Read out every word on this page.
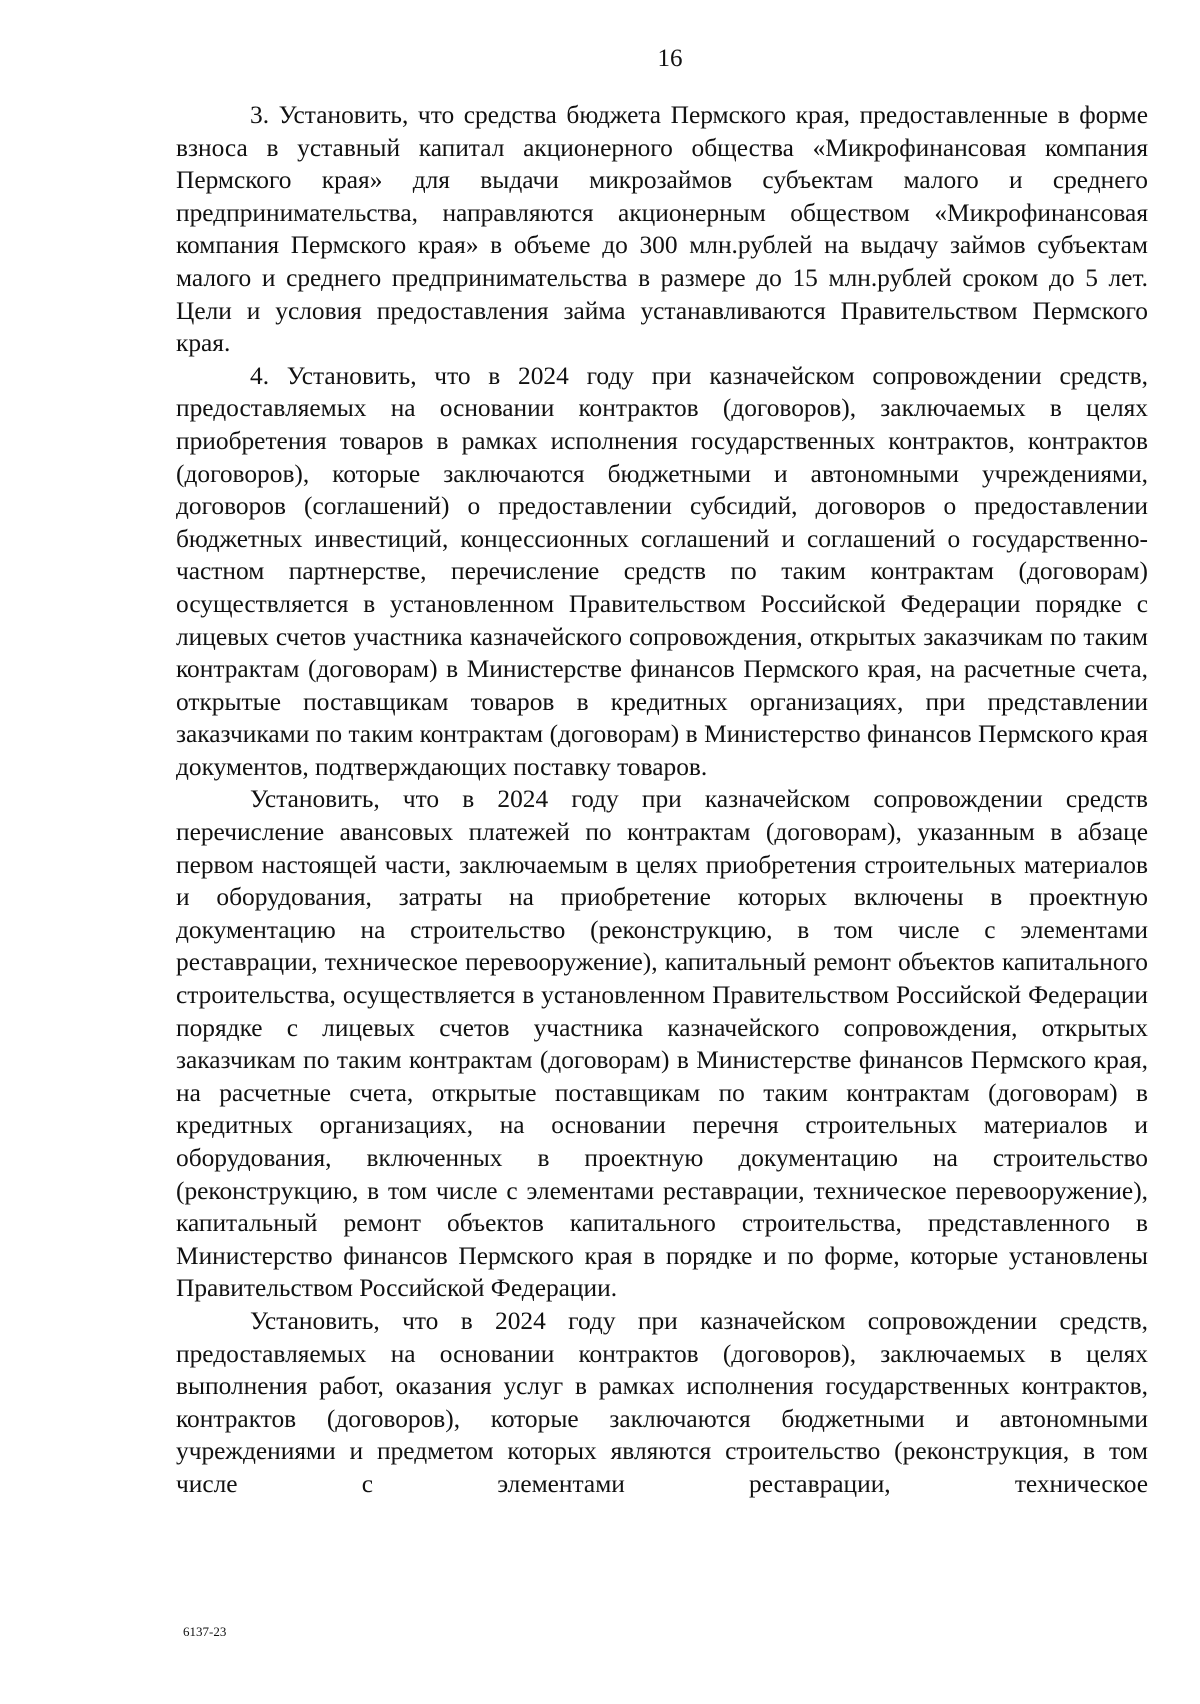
16

3. Установить, что средства бюджета Пермского края, предоставленные в форме взноса в уставный капитал акционерного общества «Микрофинансовая компания Пермского края» для выдачи микрозаймов субъектам малого и среднего предпринимательства, направляются акционерным обществом «Микрофинансовая компания Пермского края» в объеме до 300 млн.рублей на выдачу займов субъектам малого и среднего предпринимательства в размере до 15 млн.рублей сроком до 5 лет. Цели и условия предоставления займа устанавливаются Правительством Пермского края.

4. Установить, что в 2024 году при казначейском сопровождении средств, предоставляемых на основании контрактов (договоров), заключаемых в целях приобретения товаров в рамках исполнения государственных контрактов, контрактов (договоров), которые заключаются бюджетными и автономными учреждениями, договоров (соглашений) о предоставлении субсидий, договоров о предоставлении бюджетных инвестиций, концессионных соглашений и соглашений о государственно-частном партнерстве, перечисление средств по таким контрактам (договорам) осуществляется в установленном Правительством Российской Федерации порядке с лицевых счетов участника казначейского сопровождения, открытых заказчикам по таким контрактам (договорам) в Министерстве финансов Пермского края, на расчетные счета, открытые поставщикам товаров в кредитных организациях, при представлении заказчиками по таким контрактам (договорам) в Министерство финансов Пермского края документов, подтверждающих поставку товаров.

Установить, что в 2024 году при казначейском сопровождении средств перечисление авансовых платежей по контрактам (договорам), указанным в абзаце первом настоящей части, заключаемым в целях приобретения строительных материалов и оборудования, затраты на приобретение которых включены в проектную документацию на строительство (реконструкцию, в том числе с элементами реставрации, техническое перевооружение), капитальный ремонт объектов капитального строительства, осуществляется в установленном Правительством Российской Федерации порядке с лицевых счетов участника казначейского сопровождения, открытых заказчикам по таким контрактам (договорам) в Министерстве финансов Пермского края, на расчетные счета, открытые поставщикам по таким контрактам (договорам) в кредитных организациях, на основании перечня строительных материалов и оборудования, включенных в проектную документацию на строительство (реконструкцию, в том числе с элементами реставрации, техническое перевооружение), капитальный ремонт объектов капитального строительства, представленного в Министерство финансов Пермского края в порядке и по форме, которые установлены Правительством Российской Федерации.

Установить, что в 2024 году при казначейском сопровождении средств, предоставляемых на основании контрактов (договоров), заключаемых в целях выполнения работ, оказания услуг в рамках исполнения государственных контрактов, контрактов (договоров), которые заключаются бюджетными и автономными учреждениями и предметом которых являются строительство (реконструкция, в том числе с элементами реставрации, техническое

6137-23
